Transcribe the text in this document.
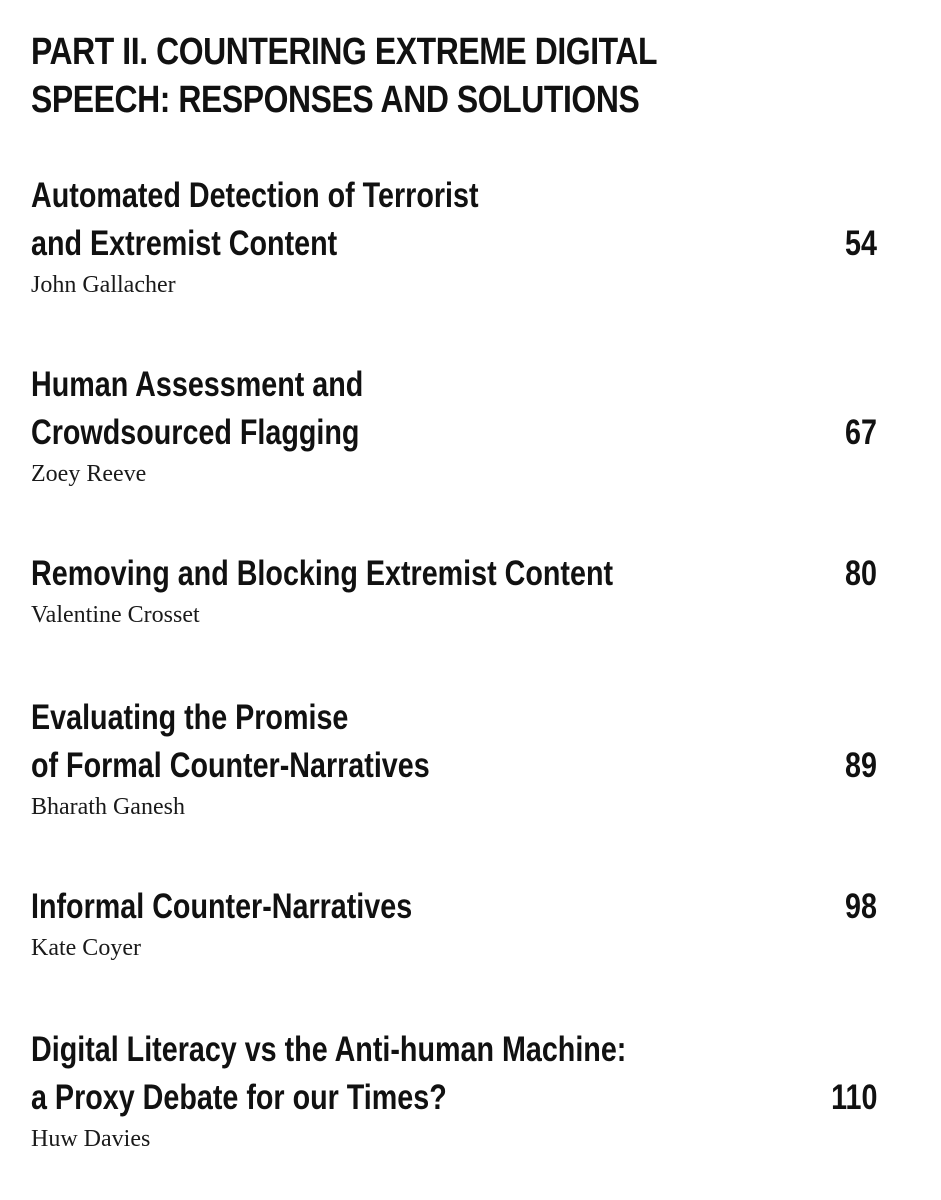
PART II. COUNTERING EXTREME DIGITAL
SPEECH: RESPONSES AND SOLUTIONS
Automated Detection of Terrorist
and Extremist Content	54
John Gallacher
Human Assessment and
Crowdsourced Flagging	67
Zoey Reeve
Removing and Blocking Extremist Content	80
Valentine Crosset
Evaluating the Promise
of Formal Counter-Narratives	89
Bharath Ganesh
Informal Counter-Narratives	98
Kate Coyer
Digital Literacy vs the Anti-human Machine:
a Proxy Debate for our Times?	110
Huw Davies
